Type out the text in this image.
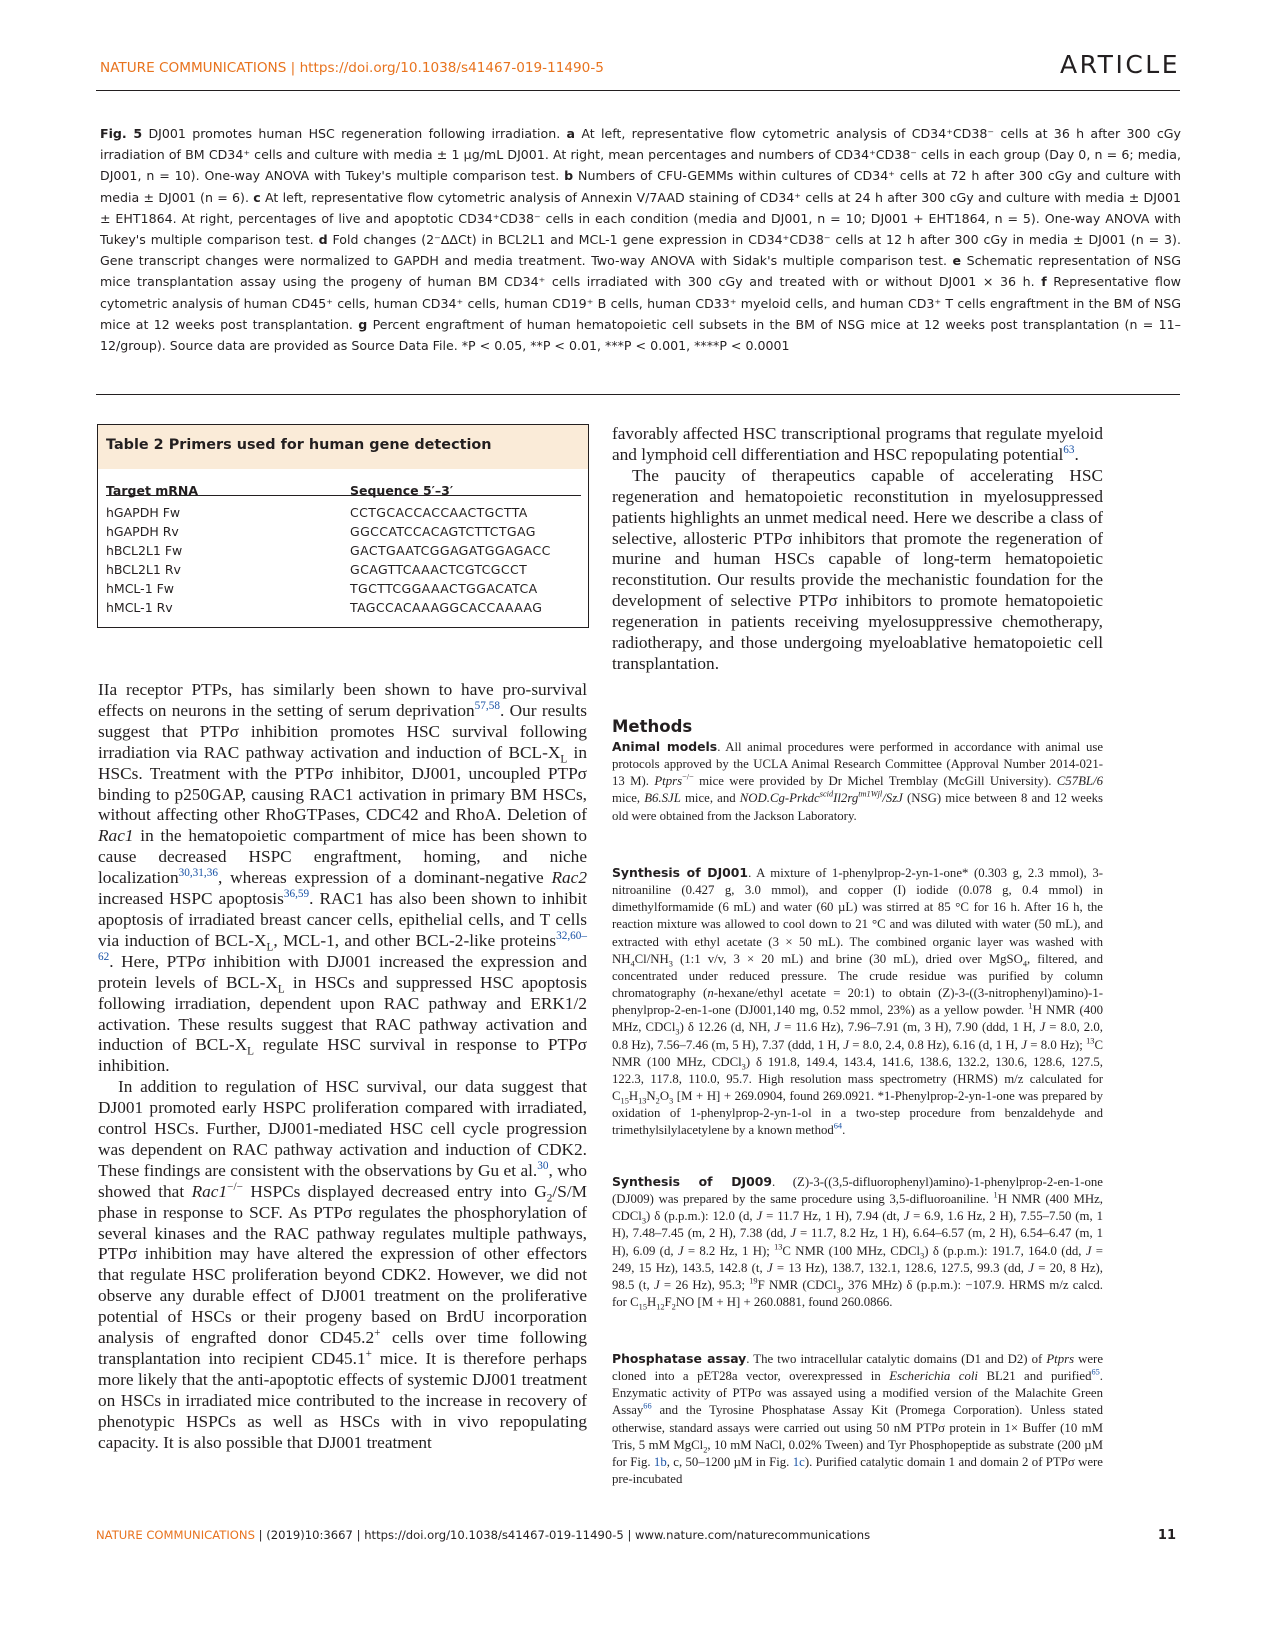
NATURE COMMUNICATIONS | https://doi.org/10.1038/s41467-019-11490-5	ARTICLE
Fig. 5 DJ001 promotes human HSC regeneration following irradiation. a At left, representative flow cytometric analysis of CD34⁺CD38⁻ cells at 36 h after 300 cGy irradiation of BM CD34⁺ cells and culture with media ± 1 µg/mL DJ001. At right, mean percentages and numbers of CD34⁺CD38⁻ cells in each group (Day 0, n = 6; media, DJ001, n = 10). One-way ANOVA with Tukey's multiple comparison test. b Numbers of CFU-GEMMs within cultures of CD34⁺ cells at 72 h after 300 cGy and culture with media ± DJ001 (n = 6). c At left, representative flow cytometric analysis of Annexin V/7AAD staining of CD34⁺ cells at 24 h after 300 cGy and culture with media ± DJ001 ± EHT1864. At right, percentages of live and apoptotic CD34⁺CD38⁻ cells in each condition (media and DJ001, n = 10; DJ001 + EHT1864, n = 5). One-way ANOVA with Tukey's multiple comparison test. d Fold changes (2⁻ΔΔCt) in BCL2L1 and MCL-1 gene expression in CD34⁺CD38⁻ cells at 12 h after 300 cGy in media ± DJ001 (n = 3). Gene transcript changes were normalized to GAPDH and media treatment. Two-way ANOVA with Sidak's multiple comparison test. e Schematic representation of NSG mice transplantation assay using the progeny of human BM CD34⁺ cells irradiated with 300 cGy and treated with or without DJ001 × 36 h. f Representative flow cytometric analysis of human CD45⁺ cells, human CD34⁺ cells, human CD19⁺ B cells, human CD33⁺ myeloid cells, and human CD3⁺ T cells engraftment in the BM of NSG mice at 12 weeks post transplantation. g Percent engraftment of human hematopoietic cell subsets in the BM of NSG mice at 12 weeks post transplantation (n = 11–12/group). Source data are provided as Source Data File. *P < 0.05, **P < 0.01, ***P < 0.001, ****P < 0.0001
Table 2 Primers used for human gene detection
Target mRNA	Sequence 5′–3′
hGAPDH Fw	CCTGCACCACCAACTGCTTA
hGAPDH Rv	GGCCATCCACAGTCTTCTGAG
hBCL2L1 Fw	GACTGAATCGGAGATGGAGACC
hBCL2L1 Rv	GCAGTTCAAACTCGTCGCCT
hMCL-1 Fw	TGCTTCGGAAACTGGACATCA
hMCL-1 Rv	TAGCCACAAAGGCACCAAAAG

IIa receptor PTPs, has similarly been shown to have pro-survival effects on neurons in the setting of serum deprivation$^{57,58}$. Our results suggest that PTPσ inhibition promotes HSC survival following irradiation via RAC pathway activation and induction of BCL-$X_L$ in HSCs. Treatment with the PTPσ inhibitor, DJ001, uncoupled PTPσ binding to p250GAP, causing RAC1 activation in primary BM HSCs, without affecting other RhoGTPases, CDC42 and RhoA. Deletion of Rac1 in the hematopoietic compartment of mice has been shown to cause decreased HSPC engraftment, homing, and niche localization$^{30,31,36}$, whereas expression of a dominant-negative Rac2 increased HSPC apoptosis$^{36,59}$. RAC1 has also been shown to inhibit apoptosis of irradiated breast cancer cells, epithelial cells, and T cells via induction of BCL-$X_L$, MCL-1, and other BCL-2-like proteins$^{32,60-62}$. Here, PTPσ inhibition with DJ001 increased the expression and protein levels of BCL-$X_L$ in HSCs and suppressed HSC apoptosis following irradiation, dependent upon RAC pathway and ERK1/2 activation. These results suggest that RAC pathway activation and induction of BCL-$X_L$ regulate HSC survival in response to PTPσ inhibition.

In addition to regulation of HSC survival, our data suggest that DJ001 promoted early HSPC proliferation compared with irradiated, control HSCs. Further, DJ001-mediated HSC cell cycle progression was dependent on RAC pathway activation and induction of CDK2. These findings are consistent with the observations by Gu et al.$^{30}$, who showed that Rac1−/− HSPCs displayed decreased entry into $G_2/S/M$ phase in response to SCF. As PTPσ regulates the phosphorylation of several kinases and the RAC pathway regulates multiple pathways, PTPσ inhibition may have altered the expression of other effectors that regulate HSC proliferation beyond CDK2. However, we did not observe any durable effect of DJ001 treatment on the proliferative potential of HSCs or their progeny based on BrdU incorporation analysis of engrafted donor CD45.2+ cells over time following transplantation into recipient CD45.1+ mice. It is therefore perhaps more likely that the anti-apoptotic effects of systemic DJ001 treatment on HSCs in irradiated mice contributed to the increase in recovery of phenotypic HSPCs as well as HSCs with in vivo repopulating capacity. It is also possible that DJ001 treatment

favorably affected HSC transcriptional programs that regulate myeloid and lymphoid cell differentiation and HSC repopulating potential$^{63}$.

The paucity of therapeutics capable of accelerating HSC regeneration and hematopoietic reconstitution in myelosuppressed patients highlights an unmet medical need. Here we describe a class of selective, allosteric PTPσ inhibitors that promote the regeneration of murine and human HSCs capable of long-term hematopoietic reconstitution. Our results provide the mechanistic foundation for the development of selective PTPσ inhibitors to promote hematopoietic regeneration in patients receiving myelosuppressive chemotherapy, radiotherapy, and those undergoing myeloablative hematopoietic cell transplantation.

Methods

Animal models. All animal procedures were performed in accordance with animal use protocols approved by the UCLA Animal Research Committee (Approval Number 2014-021-13 M). Ptprs−/− mice were provided by Dr Michel Tremblay (McGill University). C57BL/6 mice, B6.SJL mice, and $NOD.Cg-Prkdc^{scid}Il2rg^{tm1Wjl}$/SzJ (NSG) mice between 8 and 12 weeks old were obtained from the Jackson Laboratory.

Synthesis of DJ001. A mixture of 1-phenylprop-2-yn-1-one* (0.303 g, 2.3 mmol), 3-nitroaniline (0.427 g, 3.0 mmol), and copper (I) iodide (0.078 g, 0.4 mmol) in dimethylformamide (6 mL) and water (60 µL) was stirred at 85 °C for 16 h. After 16 h, the reaction mixture was allowed to cool down to 21 °C and was diluted with water (50 mL), and extracted with ethyl acetate (3 × 50 mL). The combined organic layer was washed with $NH_4Cl/NH_3$ (1:1 v/v, 3 × 20 mL) and brine (30 mL), dried over MgSO$_4$, filtered, and concentrated under reduced pressure. The crude residue was purified by column chromatography (n-hexane/ethyl acetate = 20:1) to obtain (Z)-3-((3-nitrophenyl)amino)-1-phenylprop-2-en-1-one (DJ001,140 mg, 0.52 mmol, 23%) as a yellow powder. $^1$H NMR (400 MHz, CDCl$_3$) δ 12.26 (d, NH, J = 11.6 Hz), 7.96–7.91 (m, 3 H), 7.90 (ddd, 1 H, J = 8.0, 2.0, 0.8 Hz), 7.56–7.46 (m, 5 H), 7.37 (ddd, 1 H, J = 8.0, 2.4, 0.8 Hz), 6.16 (d, 1 H, J = 8.0 Hz); $^{13}$C NMR (100 MHz, CDCl$_3$) δ 191.8, 149.4, 143.4, 141.6, 138.6, 132.2, 130.6, 128.6, 127.5, 122.3, 117.8, 110.0, 95.7. High resolution mass spectrometry (HRMS) m/z calculated for $C_{15}H_{13}N_2O_3$ [M + H] + 269.0904, found 269.0921. *1-Phenylprop-2-yn-1-one was prepared by oxidation of 1-phenylprop-2-yn-1-ol in a two-step procedure from benzaldehyde and trimethylsilylacetylene by a known method$^{64}$.

Synthesis of DJ009. (Z)-3-((3,5-difluorophenyl)amino)-1-phenylprop-2-en-1-one (DJ009) was prepared by the same procedure using 3,5-difluoroaniline. $^1$H NMR (400 MHz, CDCl$_3$) δ (p.p.m.): 12.0 (d, J = 11.7 Hz, 1 H), 7.94 (dt, J = 6.9, 1.6 Hz, 2 H), 7.55–7.50 (m, 1 H), 7.48–7.45 (m, 2 H), 7.38 (dd, J = 11.7, 8.2 Hz, 1 H), 6.64–6.57 (m, 2 H), 6.54–6.47 (m, 1 H), 6.09 (d, J = 8.2 Hz, 1 H); $^{13}$C NMR (100 MHz, CDCl$_3$) δ (p.p.m.): 191.7, 164.0 (dd, J = 249, 15 Hz), 143.5, 142.8 (t, J = 13 Hz), 138.7, 132.1, 128.6, 127.5, 99.3 (dd, J = 20, 8 Hz), 98.5 (t, J = 26 Hz), 95.3; $^{19}$F NMR (CDCl$_3$, 376 MHz) δ (p.p.m.): −107.9. HRMS m/z calcd. for $C_{15}H_{12}F_2NO$ [M + H] + 260.0881, found 260.0866.

Phosphatase assay. The two intracellular catalytic domains (D1 and D2) of Ptprs were cloned into a pET28a vector, overexpressed in Escherichia coli BL21 and purified$^{65}$. Enzymatic activity of PTPσ was assayed using a modified version of the Malachite Green Assay$^{66}$ and the Tyrosine Phosphatase Assay Kit (Promega Corporation). Unless stated otherwise, standard assays were carried out using 50 nM PTPσ protein in 1× Buffer (10 mM Tris, 5 mM MgCl$_2$, 10 mM NaCl, 0.02% Tween) and Tyr Phosphopeptide as substrate (200 µM for Fig. 1b, c, 50–1200 µM in Fig. 1c). Purified catalytic domain 1 and domain 2 of PTPσ were pre-incubated

NATURE COMMUNICATIONS | (2019)10:3667 | https://doi.org/10.1038/s41467-019-11490-5 | www.nature.com/naturecommunications	11
